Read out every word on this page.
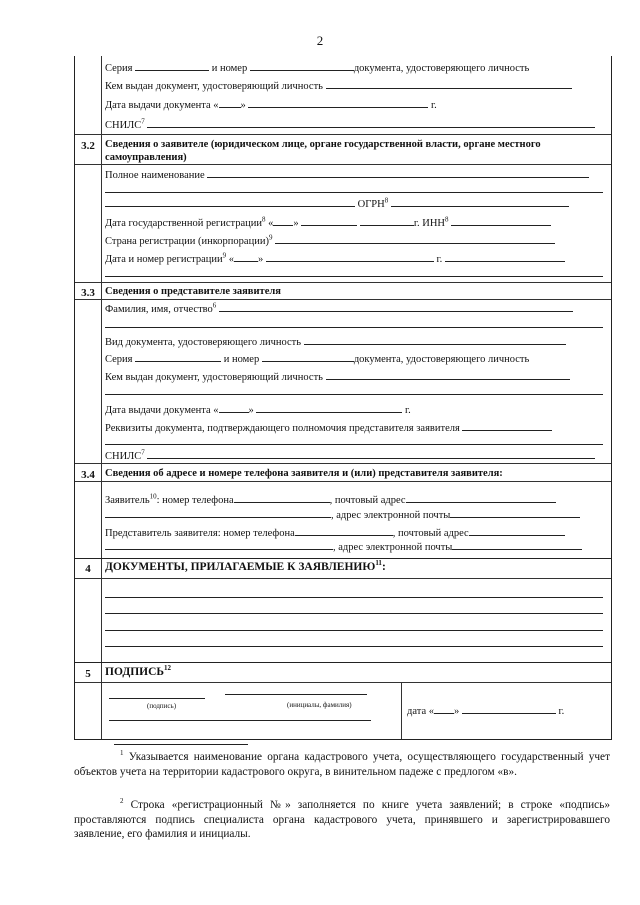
2
Серия	и номер	документа, удостоверяющего личность
Кем выдан документ, удостоверяющий личность
Дата выдачи документа « »	г.
СНИЛС$^7$
3.2 Сведения о заявителе (юридическом лице, органе государственной власти, органе местного самоуправления)
Полное наименование
ОГРН$^8$
Дата государственной регистрации$^8$ « »	г. ИНН$^8$
Страна регистрации (инкорпорации)$^9$
Дата и номер регистрации$^9$ « »	г.
3.3 Сведения о представителе заявителя
Фамилия, имя, отчество$^6$
Вид документа, удостоверяющего личность
Серия	и номер	документа, удостоверяющего личность
Кем выдан документ, удостоверяющий личность
Дата выдачи документа «	»	г.
Реквизиты документа, подтверждающего полномочия представителя заявителя
СНИЛС$^7$
3.4 Сведения об адресе и номере телефона заявителя и (или) представителя заявителя:
Заявитель$^{10}$: номер телефона	, почтовый адрес
, адрес электронной почты
Представитель заявителя: номер телефона	, почтовый адрес
, адрес электронной почты
4	ДОКУМЕНТЫ, ПРИЛАГАЕМЫЕ К ЗАЯВЛЕНИЮ$^{11}$:
5	ПОДПИСЬ$^{12}$
(подпись)	(инициалы, фамилия)
дата « »	г.
$^1$ Указывается наименование органа кадастрового учета, осуществляющего государственный учет объектов учета на территории кадастрового округа, в винительном падеже с предлогом «в».
$^2$ Строка «регистрационный №» заполняется по книге учета заявлений; в строке «подпись» проставляются подпись специалиста органа кадастрового учета, принявшего и зарегистрировавшего заявление, его фамилия и инициалы.
